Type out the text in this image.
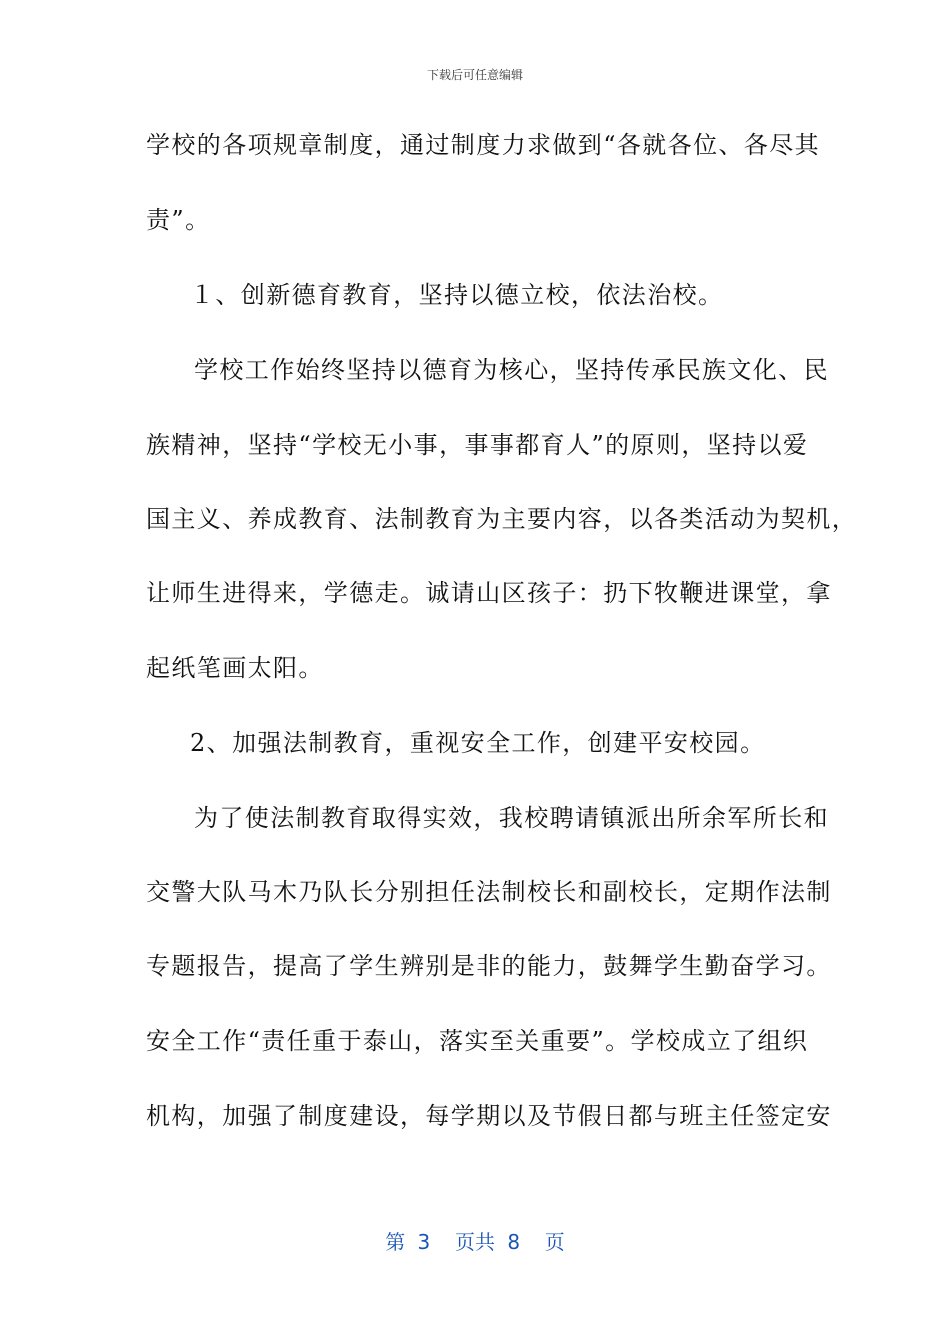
下载后可任意编辑
学校的各项规章制度，通过制度力求做到“各就各位、各尽其
责”。
１、创新德育教育，坚持以德立校，依法治校。
学校工作始终坚持以德育为核心，坚持传承民族文化、民
族精神，坚持“学校无小事，事事都育人”的原则，坚持以爱
国主义、养成教育、法制教育为主要内容，以各类活动为契机，
让师生进得来，学德走。诚请山区孩子：扔下牧鞭进课堂，拿
起纸笔画太阳。
2、加强法制教育，重视安全工作，创建平安校园。
为了使法制教育取得实效，我校聘请镇派出所余军所长和
交警大队马木乃队长分别担任法制校长和副校长，定期作法制
专题报告，提高了学生辨别是非的能力，鼓舞学生勤奋学习。
安全工作“责任重于泰山，落实至关重要”。学校成立了组织
机构，加强了制度建设，每学期以及节假日都与班主任签定安
第 3  页共 8  页
